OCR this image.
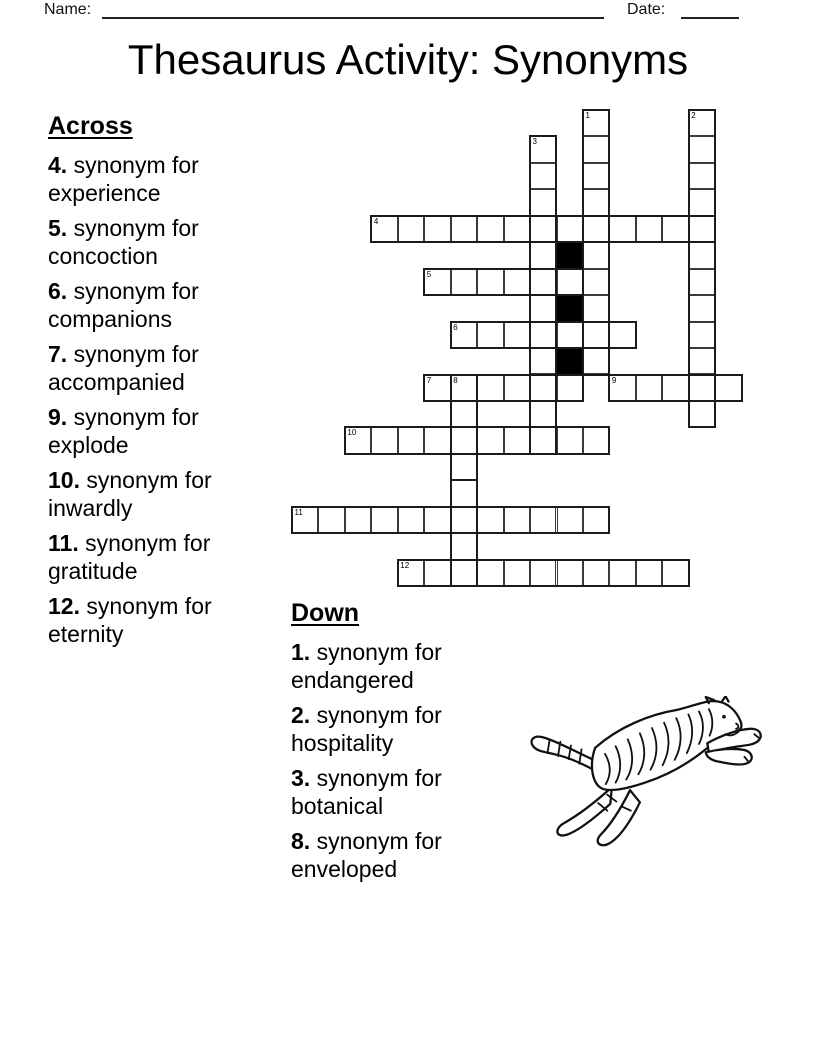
Name:	Date:
Thesaurus Activity: Synonyms
Across

4. synonym for experience

5. synonym for concoction

6. synonym for companions

7. synonym for accompanied

9. synonym for explode

10. synonym for inwardly

11. synonym for gratitude

12. synonym for eternity

1	2
3
4
5
6
7	8	9
10
11
12
Down

1. synonym for endangered

2. synonym for hospitality

3. synonym for botanical

8. synonym for enveloped
